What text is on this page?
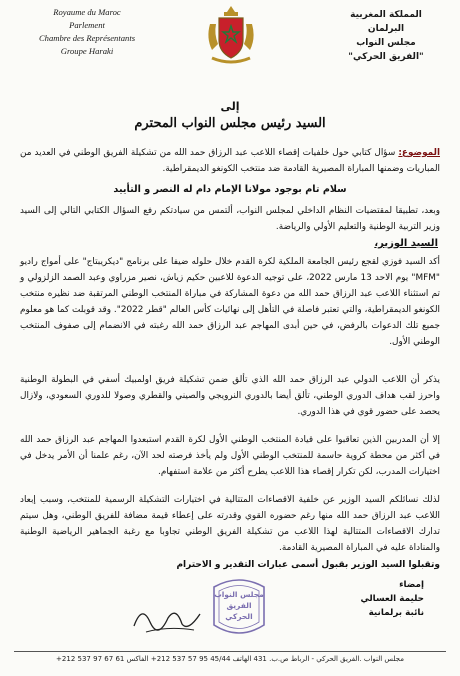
Royaume du Maroc
Parlement
Chambre des Représentants
Groupe Haraki
المملكة المغربية
البرلمان
مجلس النواب
"الفريق الحركي"
إلى
السيد رئيس مجلس النواب المحترم
الموضوع: سؤال كتابي حول خلفيات إقصاء اللاعب عبد الرزاق حمد الله من تشكيلة الفريق الوطني في العديد من المباريات وضمنها المباراة المصيرية القادمة ضد منتخب الكونغو الديمقراطية.
سلام تام بوجود مولانا الإمام دام له النصر و التأييد
وبعد، تطبيقا لمقتضيات النظام الداخلي لمجلس النواب، ألتمس من سيادتكم رفع السؤال الكتابي التالي إلى السيد وزير التربية الوطنية والتعليم الأولي والرياضة.
السيد الوزير،
أكد السيد فوزي لقجع رئيس الجامعة الملكية لكرة القدم خلال حلوله ضيفا على برنامج "ديكريبتاج" على أمواج راديو "MFM" يوم الاحد 13 مارس 2022، على توجيه الدعوة للاعبين حكيم زياش، نصير مزراوي وعبد الصمد الزلزولي و تم استثناء اللاعب عبد الرزاق حمد الله من دعوة المشاركة في مباراة المنتخب الوطني المرتقبة ضد نظيره منتخب الكونغو الديمقراطية، والتي تعتبر فاصلة في التأهل إلى نهائيات كأس العالم "قطر 2022". وقد قوبلت كما هو معلوم جميع تلك الدعوات بالرفض، في حين أبدى المهاجم عبد الرزاق حمد الله رغبته في الانضمام إلى صفوف المنتخب الوطني الأول.
يذكر أن اللاعب الدولي عبد الرزاق حمد الله الذي تألق ضمن تشكيلة فريق اولمبيك أسفي في البطولة الوطنية واحرز لقب هداف الدوري الوطني، تألق أيضا بالدوري النرويجي والصيني والقطري وصولا للدوري السعودي، ولازال يحصد على حضور قوي في هذا الدوري.
إلا أن المدربين الذين تعاقبوا على قيادة المنتخب الوطني الأول لكرة القدم استبعدوا المهاجم عبد الرزاق حمد الله في أكثر من محطة كروية حاسمة للمنتخب الوطني الأول ولم يأخذ فرصته لحد الآن، رغم علمنا أن الأمر يدخل في اختيارات المدرب، لكن تكرار إقصاء هذا اللاعب يطرح أكثر من علامة استفهام.
لذلك نسائلكم السيد الوزير عن خلفية الاقصاءات المتتالية في اختيارات التشكيلة الرسمية للمنتخب، وسبب إبعاد اللاعب عبد الرزاق حمد الله منها رغم حضوره القوي وقدرته على إعطاء قيمة مضافة للفريق الوطني، وهل سيتم تدارك الاقصاءات المتتالية لهذا اللاعب من تشكيلة الفريق الوطني تجاوبا مع رغبة الجماهير الرياضية الوطنية والمناداة عليه في المباراة المصيرية القادمة.
وتقبلوا السيد الوزير بقبول أسمى عبارات التقدير و الاحترام
إمضاء
حليمة العسالي
نائبة برلمانية
مجلس النواب
الفريق
الحركي
مجلس النواب .الفريق الحركي - الرباط ص.ب. 431 الهاتف 45/44 95 57 537 212+ الفاكس 61 67 97 537 212+
